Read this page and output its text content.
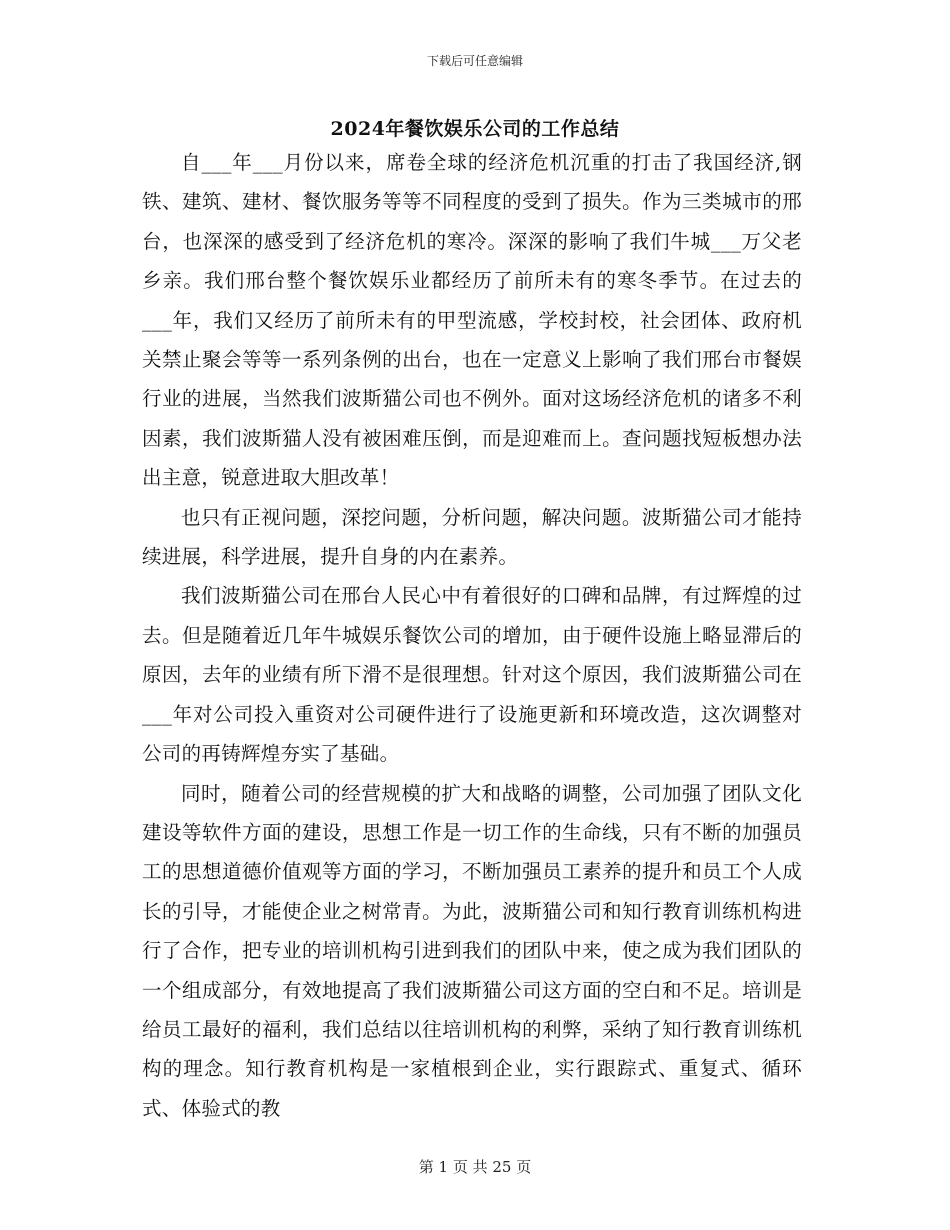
下载后可任意编辑
2024年餐饮娱乐公司的工作总结

自___年___月份以来，席卷全球的经济危机沉重的打击了我国经济,钢铁、建筑、建材、餐饮服务等等不同程度的受到了损失。作为三类城市的邢台，也深深的感受到了经济危机的寒冷。深深的影响了我们牛城___万父老乡亲。我们邢台整个餐饮娱乐业都经历了前所未有的寒冬季节。在过去的___年，我们又经历了前所未有的甲型流感，学校封校，社会团体、政府机关禁止聚会等等一系列条例的出台，也在一定意义上影响了我们邢台市餐娱行业的进展，当然我们波斯猫公司也不例外。面对这场经济危机的诸多不利因素，我们波斯猫人没有被困难压倒，而是迎难而上。查问题找短板想办法出主意，锐意进取大胆改革！

也只有正视问题，深挖问题，分析问题，解决问题。波斯猫公司才能持续进展，科学进展，提升自身的内在素养。

我们波斯猫公司在邢台人民心中有着很好的口碑和品牌，有过辉煌的过去。但是随着近几年牛城娱乐餐饮公司的增加，由于硬件设施上略显滞后的原因，去年的业绩有所下滑不是很理想。针对这个原因，我们波斯猫公司在___年对公司投入重资对公司硬件进行了设施更新和环境改造，这次调整对公司的再铸辉煌夯实了基础。

同时，随着公司的经营规模的扩大和战略的调整，公司加强了团队文化建设等软件方面的建设，思想工作是一切工作的生命线，只有不断的加强员工的思想道德价值观等方面的学习，不断加强员工素养的提升和员工个人成长的引导，才能使企业之树常青。为此，波斯猫公司和知行教育训练机构进行了合作，把专业的培训机构引进到我们的团队中来，使之成为我们团队的一个组成部分，有效地提高了我们波斯猫公司这方面的空白和不足。培训是给员工最好的福利，我们总结以往培训机构的利弊，采纳了知行教育训练机构的理念。知行教育机构是一家植根到企业，实行跟踪式、重复式、循环式、体验式的教

第 1 页 共 25 页
